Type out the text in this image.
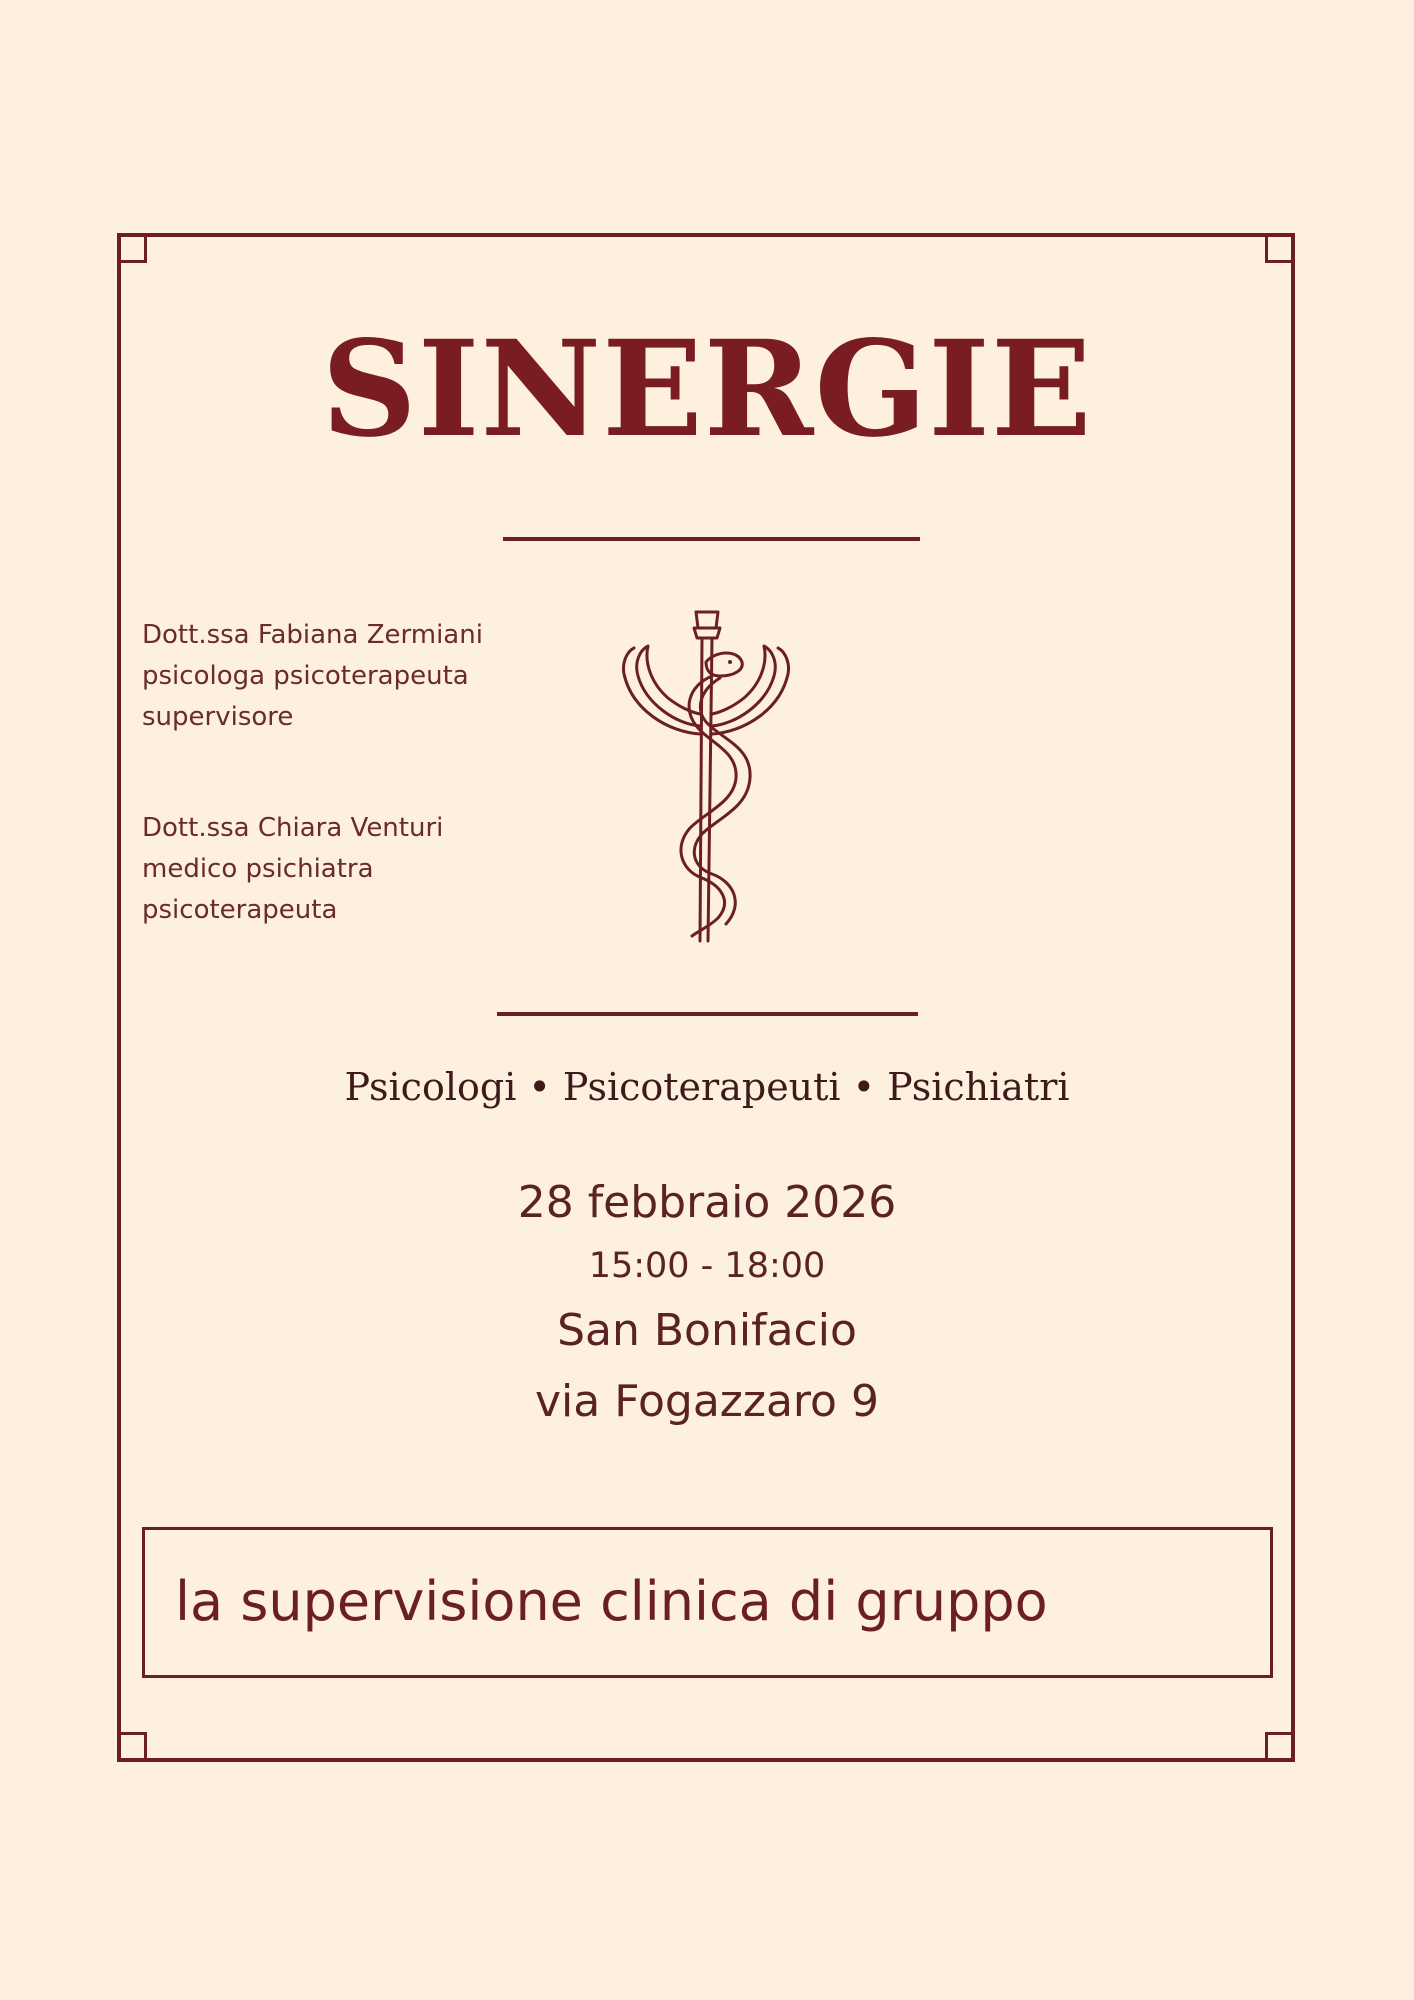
SINERGIE
Dott.ssa Fabiana Zermiani
psicologa psicoterapeuta
supervisore
Dott.ssa Chiara Venturi
medico psichiatra
psicoterapeuta
Psicologi • Psicoterapeuti • Psichiatri
28 febbraio 2026
15:00 - 18:00
San Bonifacio
via Fogazzaro 9
la supervisione clinica di gruppo
